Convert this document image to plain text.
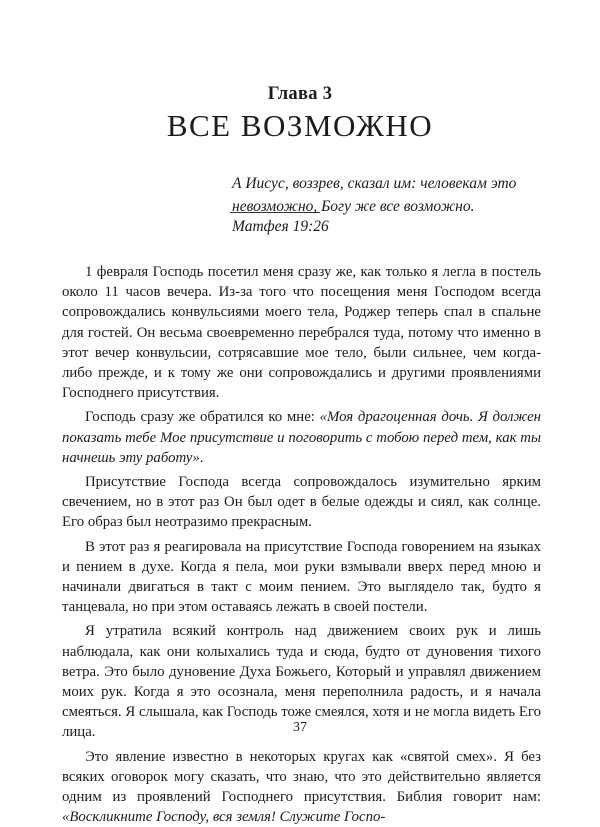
Глава 3
ВСЕ ВОЗМОЖНО

А Иисус, воззрев, сказал им: человекам это невозможно, Богу же все возможно.

Матфея 19:26

1 февраля Господь посетил меня сразу же, как только я легла в постель около 11 часов вечера. Из-за того что посещения меня Господом всегда сопровождались конвульсиями моего тела, Роджер теперь спал в спальне для гостей. Он весьма своевременно перебрался туда, потому что именно в этот вечер конвульсии, сотрясавшие мое тело, были сильнее, чем когда-либо прежде, и к тому же они сопровождались и другими проявлениями Господнего присутствия.

Господь сразу же обратился ко мне: «Моя драгоценная дочь. Я должен показать тебе Мое присутствие и поговорить с тобою перед тем, как ты начнешь эту работу».

Присутствие Господа всегда сопровождалось изумительно ярким свечением, но в этот раз Он был одет в белые одежды и сиял, как солнце. Его образ был неотразимо прекрасным.

В этот раз я реагировала на присутствие Господа говорением на языках и пением в духе. Когда я пела, мои руки взмывали вверх перед мною и начинали двигаться в такт с моим пением. Это выглядело так, будто я танцевала, но при этом оставаясь лежать в своей постели.

Я утратила всякий контроль над движением своих рук и лишь наблюдала, как они колыхались туда и сюда, будто от дуновения тихого ветра. Это было дуновение Духа Божьего, Который и управлял движением моих рук. Когда я это осознала, меня переполнила радость, и я начала смеяться. Я слышала, как Господь тоже смеялся, хотя и не могла видеть Его лица.

Это явление известно в некоторых кругах как «святой смех». Я без всяких оговорок могу сказать, что знаю, что это действительно является одним из проявлений Господнего присутствия. Библия говорит нам: «Воскликните Господу, вся земля! Служите Госпо-

37
